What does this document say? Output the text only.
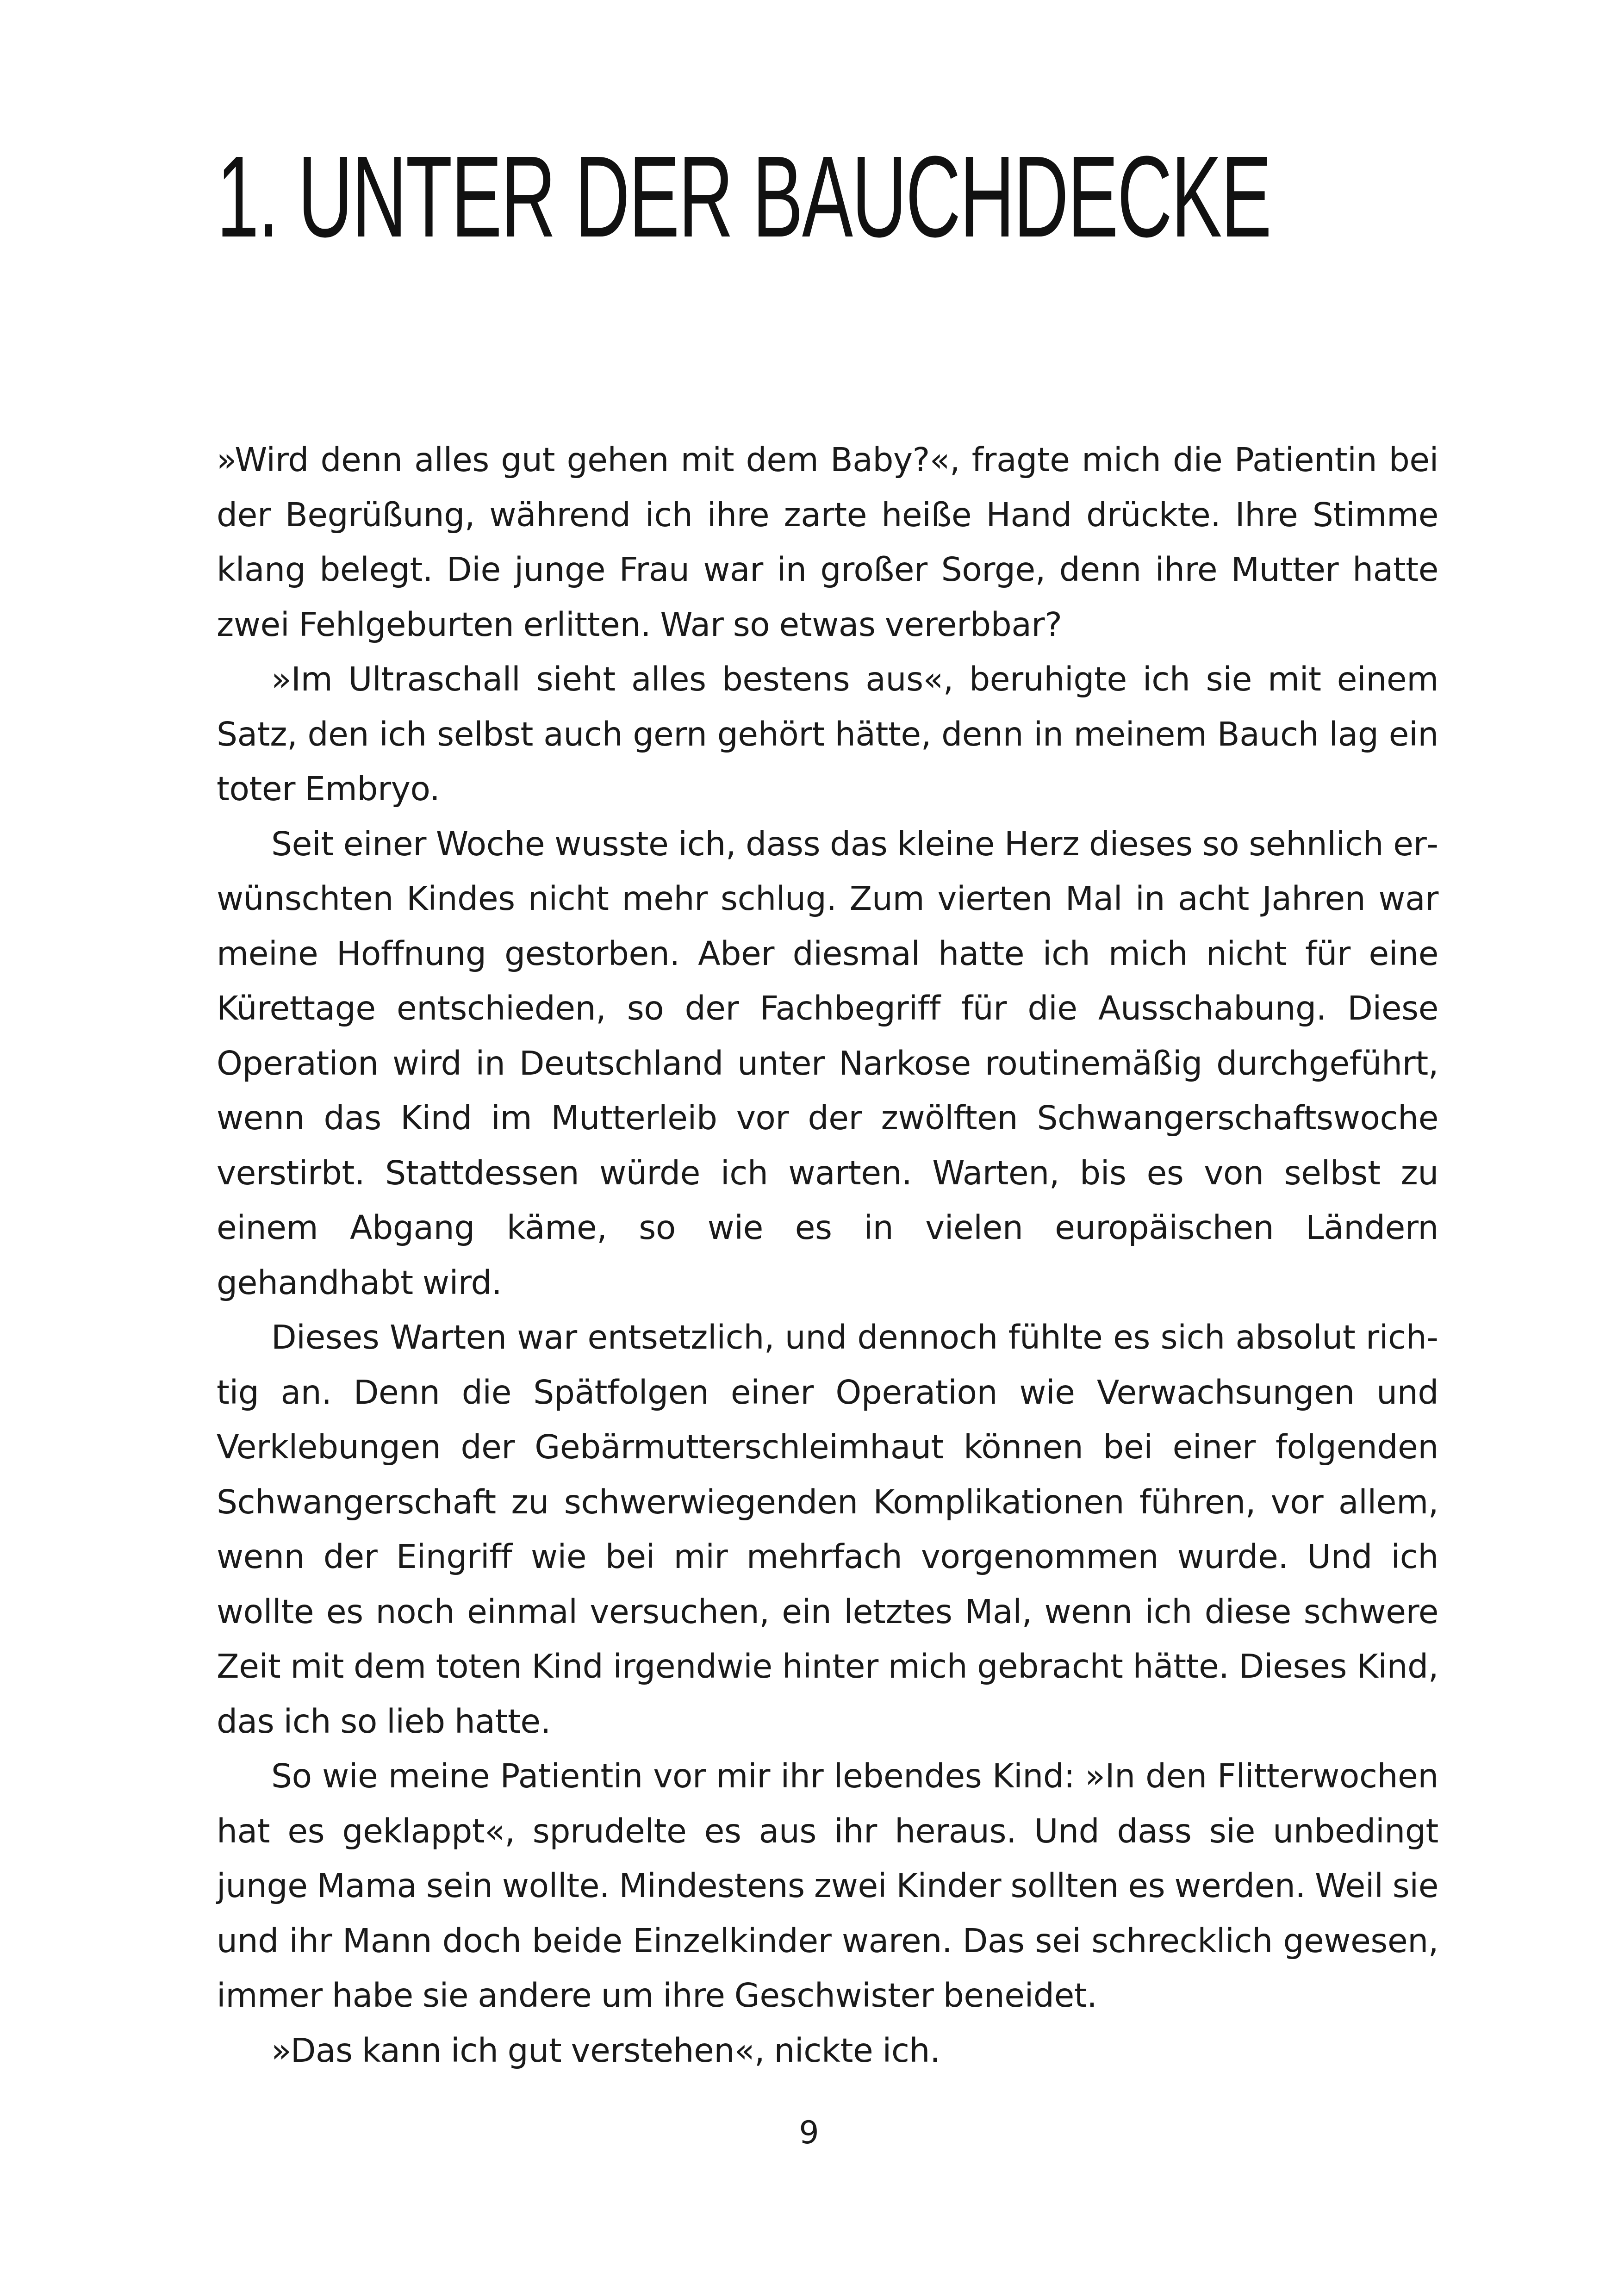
1. UNTER DER BAUCHDECKE

»Wird denn alles gut gehen mit dem Baby?«, fragte mich die Patientin bei der Begrüßung, während ich ihre zarte heiße Hand drückte. Ihre Stimme klang belegt. Die junge Frau war in großer Sorge, denn ihre Mutter hatte zwei Fehlgeburten erlitten. War so etwas vererbbar?

»Im Ultraschall sieht alles bestens aus«, beruhigte ich sie mit einem Satz, den ich selbst auch gern gehört hätte, denn in meinem Bauch lag ein toter Embryo.

Seit einer Woche wusste ich, dass das kleine Herz dieses so sehnlich erwünschten Kindes nicht mehr schlug. Zum vierten Mal in acht Jahren war meine Hoffnung gestorben. Aber diesmal hatte ich mich nicht für eine Kürettage entschieden, so der Fachbegriff für die Ausschabung. Diese Operation wird in Deutschland unter Narkose routinemäßig durchgeführt, wenn das Kind im Mutterleib vor der zwölften Schwangerschaftswoche verstirbt. Stattdessen würde ich warten. Warten, bis es von selbst zu einem Abgang käme, so wie es in vielen europäischen Ländern gehandhabt wird.

Dieses Warten war entsetzlich, und dennoch fühlte es sich absolut richtig an. Denn die Spätfolgen einer Operation wie Verwachsungen und Verklebungen der Gebärmutterschleimhaut können bei einer folgenden Schwangerschaft zu schwerwiegenden Komplikationen führen, vor allem, wenn der Eingriff wie bei mir mehrfach vorgenommen wurde. Und ich wollte es noch einmal versuchen, ein letztes Mal, wenn ich diese schwere Zeit mit dem toten Kind irgendwie hinter mich gebracht hätte. Dieses Kind, das ich so lieb hatte.

So wie meine Patientin vor mir ihr lebendes Kind: »In den Flitterwochen hat es geklappt«, sprudelte es aus ihr heraus. Und dass sie unbedingt junge Mama sein wollte. Mindestens zwei Kinder sollten es werden. Weil sie und ihr Mann doch beide Einzelkinder waren. Das sei schrecklich gewesen, immer habe sie andere um ihre Geschwister beneidet.

»Das kann ich gut verstehen«, nickte ich.

9
